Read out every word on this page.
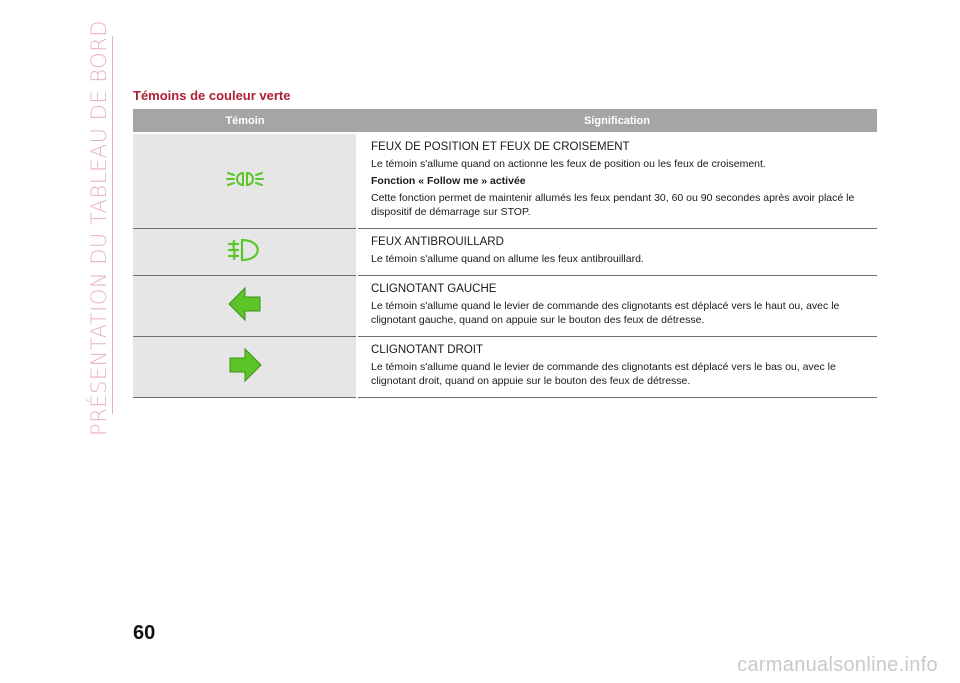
PRÉSENTATION DU TABLEAU DE BORD Témoins de couleur verte
Témoin	Signification

FEUX DE POSITION ET FEUX DE CROISEMENT

Le témoin s'allume quand on actionne les feux de position ou les feux de croisement.

Fonction « Follow me » activée

Cette fonction permet de maintenir allumés les feux pendant 30, 60 ou 90 secondes après avoir placé le dispositif de démarrage sur STOP.

FEUX ANTIBROUILLARD

Le témoin s'allume quand on allume les feux antibrouillard.

CLIGNOTANT GAUCHE

Le témoin s'allume quand le levier de commande des clignotants est déplacé vers le haut ou, avec le clignotant gauche, quand on appuie sur le bouton des feux de détresse.

CLIGNOTANT DROIT

Le témoin s'allume quand le levier de commande des clignotants est déplacé vers le bas ou, avec le clignotant droit, quand on appuie sur le bouton des feux de détresse.

60
carmanualsonline.info
